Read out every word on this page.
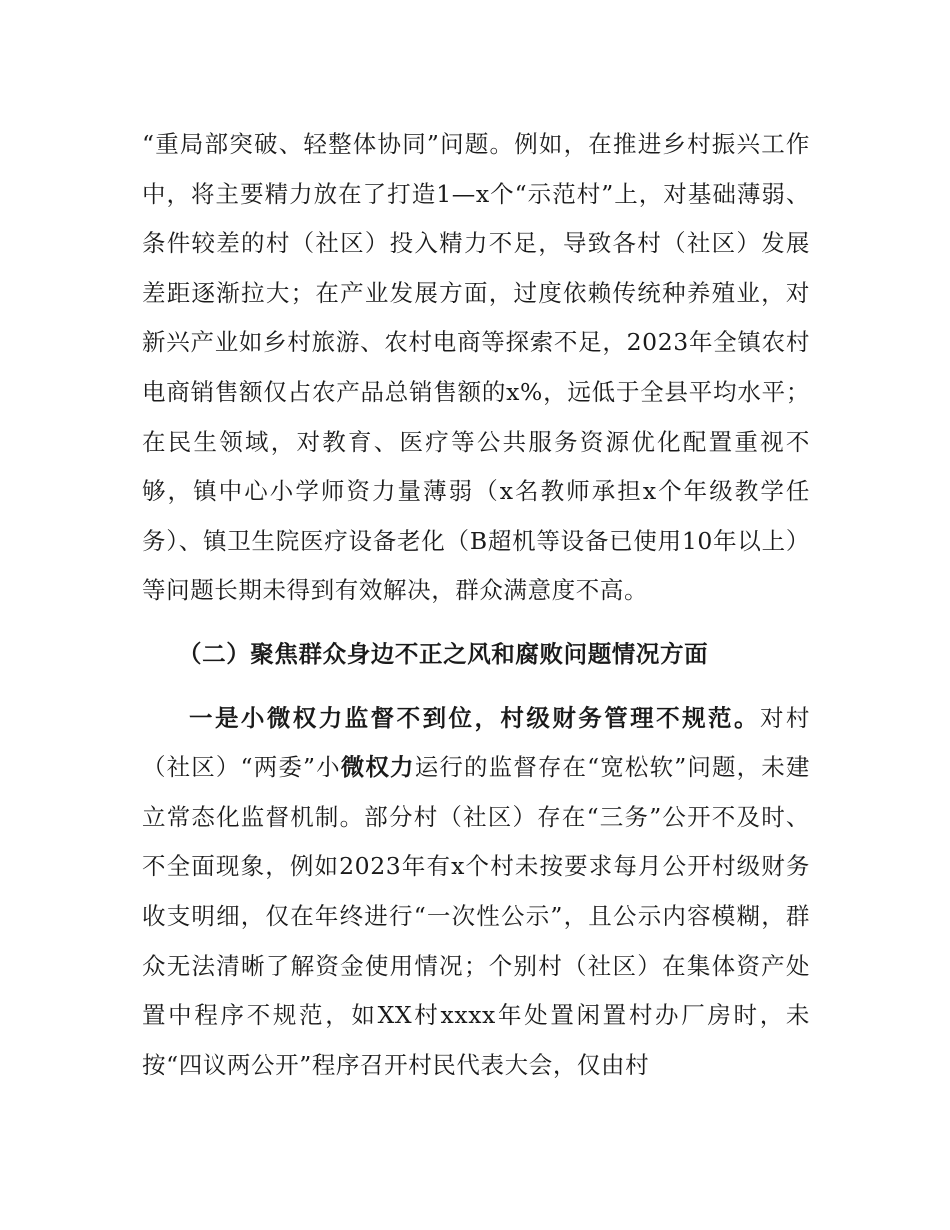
“重局部突破、轻整体协同”问题。例如，在推进乡村振兴工作中，将主要精力放在了打造1—x个“示范村”上，对基础薄弱、条件较差的村（社区）投入精力不足，导致各村（社区）发展差距逐渐拉大；在产业发展方面，过度依赖传统种养殖业，对新兴产业如乡村旅游、农村电商等探索不足，2023年全镇农村电商销售额仅占农产品总销售额的x%，远低于全县平均水平；在民生领域，对教育、医疗等公共服务资源优化配置重视不够，镇中心小学师资力量薄弱（x名教师承担x个年级教学任务）、镇卫生院医疗设备老化（B超机等设备已使用10年以上）等问题长期未得到有效解决，群众满意度不高。

（二）聚焦群众身边不正之风和腐败问题情况方面

一是小微权力监督不到位，村级财务管理不规范。对村（社区）“两委”小微权力运行的监督存在“宽松软”问题，未建立常态化监督机制。部分村（社区）存在“三务”公开不及时、不全面现象，例如2023年有x个村未按要求每月公开村级财务收支明细，仅在年终进行“一次性公示”，且公示内容模糊，群众无法清晰了解资金使用情况；个别村（社区）在集体资产处置中程序不规范，如XX村xxxx年处置闲置村办厂房时，未按“四议两公开”程序召开村民代表大会，仅由村
